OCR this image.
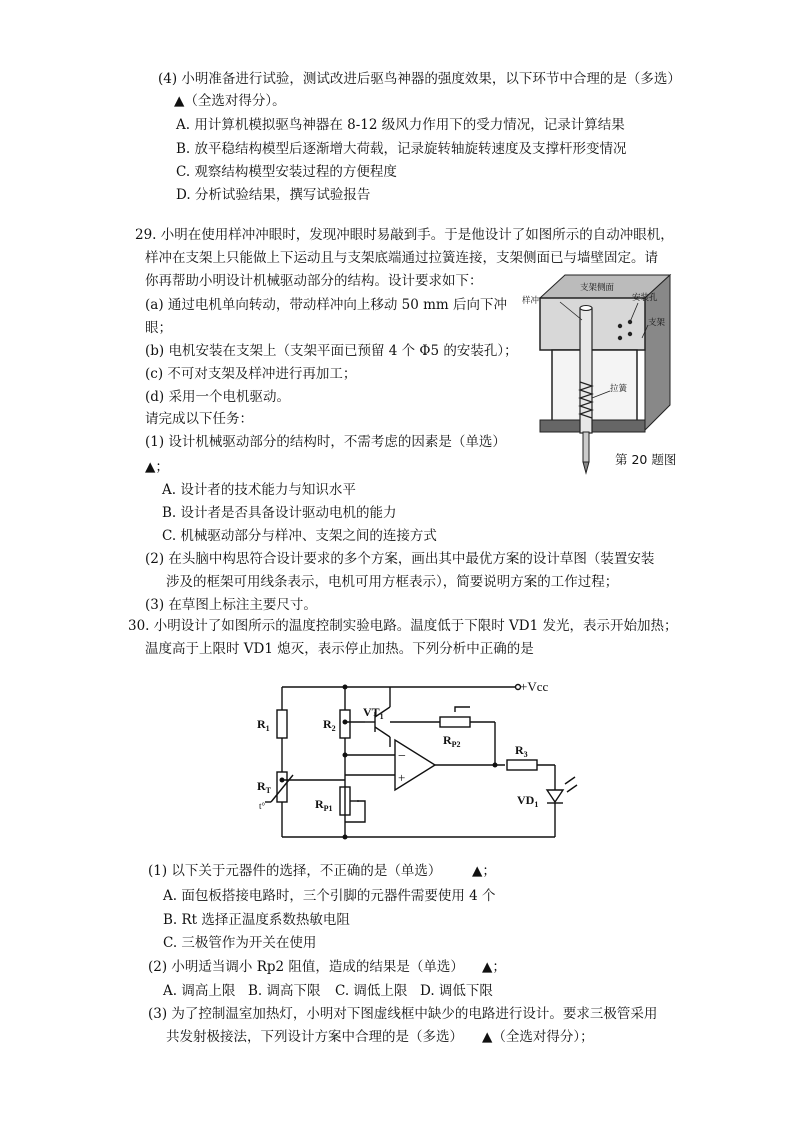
(4) 小明准备进行试验，测试改进后驱鸟神器的强度效果，以下环节中合理的是（多选）
▲（全选对得分）。
A. 用计算机模拟驱鸟神器在 8-12 级风力作用下的受力情况，记录计算结果
B. 放平稳结构模型后逐渐增大荷载，记录旋转轴旋转速度及支撑杆形变情况
C. 观察结构模型安装过程的方便程度
D. 分析试验结果，撰写试验报告
29. 小明在使用样冲冲眼时，发现冲眼时易敲到手。于是他设计了如图所示的自动冲眼机，
样冲在支架上只能做上下运动且与支架底端通过拉簧连接，支架侧面已与墙壁固定。请
你再帮助小明设计机械驱动部分的结构。设计要求如下：
(a) 通过电机单向转动，带动样冲向上移动 50 mm 后向下冲
眼；
(b) 电机安装在支架上（支架平面已预留 4 个 Φ5 的安装孔）；
(c) 不可对支架及样冲进行再加工；
(d) 采用一个电机驱动。
请完成以下任务：
(1) 设计机械驱动部分的结构时，不需考虑的因素是（单选）
▲；
A. 设计者的技术能力与知识水平
B. 设计者是否具备设计驱动电机的能力
C. 机械驱动部分与样冲、支架之间的连接方式
(2) 在头脑中构思符合设计要求的多个方案，画出其中最优方案的设计草图（装置安装
涉及的框架可用线条表示，电机可用方框表示），简要说明方案的工作过程；
(3) 在草图上标注主要尺寸。
支架侧面
样冲	安装孔
支架
拉簧
第 20 题图
30. 小明设计了如图所示的温度控制实验电路。温度低于下限时 VD1 发光，表示开始加热；
温度高于上限时 VD1 熄灭，表示停止加热。下列分析中正确的是
+Vcc
$R_1$	$R_2$
$VT_1$
$R_{P2}$	$R_3$
$R_T$
t°	$R_{P1}$
$VD_1$
−
+
(1) 以下关于元器件的选择，不正确的是（单选） ▲；
A. 面包板搭接电路时，三个引脚的元器件需要使用 4 个
B. Rt 选择正温度系数热敏电阻
C. 三极管作为开关在使用
(2) 小明适当调小 Rp2 阻值，造成的结果是（单选） ▲；
A. 调高上限 B. 调高下限 C. 调低上限 D. 调低下限
(3) 为了控制温室加热灯，小明对下图虚线框中缺少的电路进行设计。要求三极管采用
共发射极接法，下列设计方案中合理的是（多选） ▲（全选对得分）；
